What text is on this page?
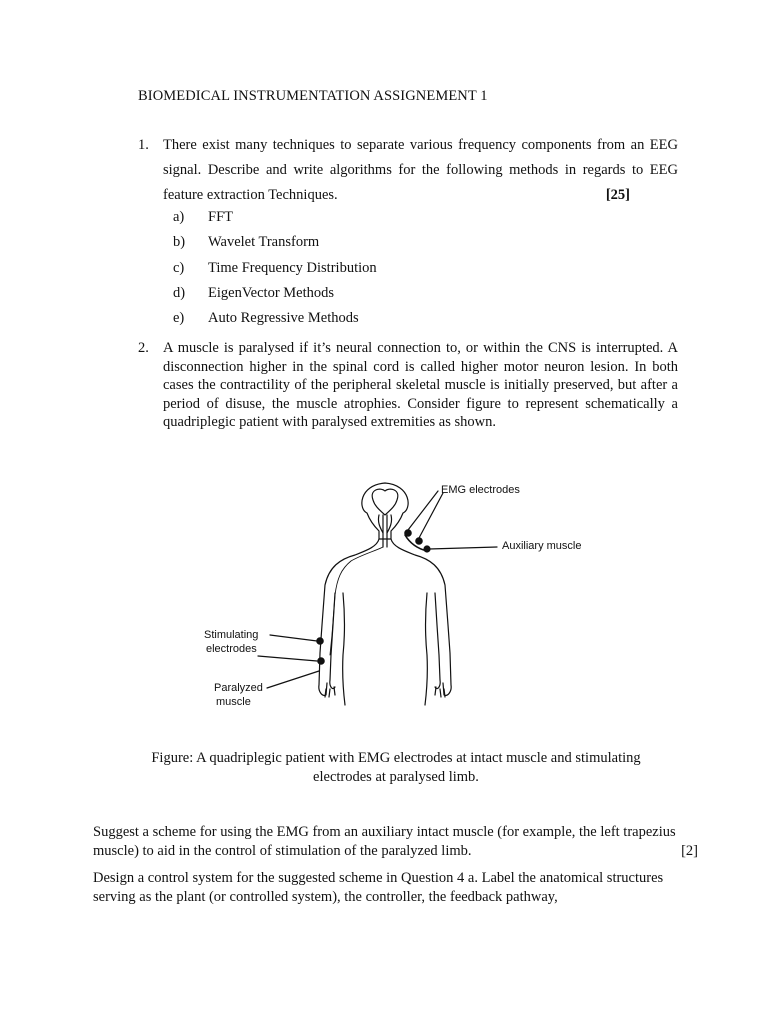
BIOMEDICAL INSTRUMENTATION ASSIGNEMENT 1
1. There exist many techniques to separate various frequency components from an EEG signal. Describe and write algorithms for the following methods in regards to EEG feature extraction Techniques.	[25]
a)	FFT
b)	Wavelet Transform
c)	Time Frequency Distribution
d)	EigenVector Methods
e)	Auto Regressive Methods
2. A muscle is paralysed if it’s neural connection to, or within the CNS is interrupted. A disconnection higher in the spinal cord is called higher motor neuron lesion. In both cases the contractility of the peripheral skeletal muscle is initially preserved, but after a period of disuse, the muscle atrophies. Consider figure to represent schematically a quadriplegic patient with paralysed extremities as shown.
EMG electrodes
Auxiliary muscle
Stimulating
electrodes
Paralyzed
muscle
Figure: A quadriplegic patient with EMG electrodes at intact muscle and stimulating
electrodes at paralysed limb.
Suggest a scheme for using the EMG from an auxiliary intact muscle (for example, the left trapezius muscle) to aid in the control of stimulation of the paralyzed limb.	[2]
Design a control system for the suggested scheme in Question 4 a. Label the anatomical structures serving as the plant (or controlled system), the controller, the feedback pathway,
